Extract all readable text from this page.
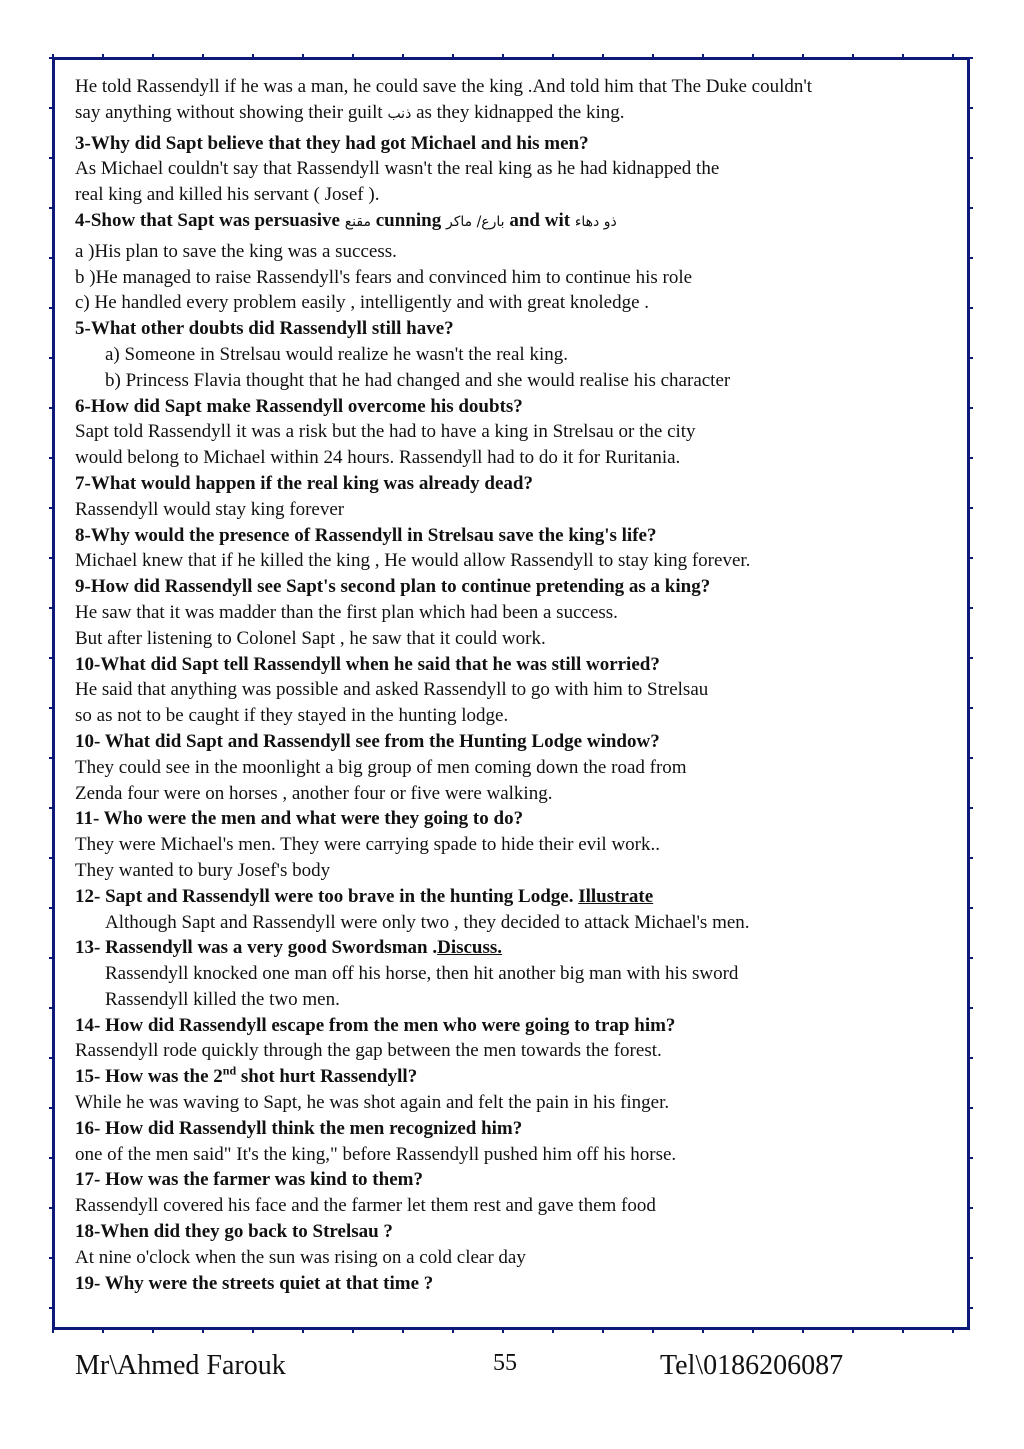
He told Rassendyll if he was a man, he could save the king .And told him that The Duke couldn't

say anything without showing their guilt ذنب as they kidnapped the king.

3-Why did Sapt believe that they had got Michael and his men?

As Michael couldn't say that Rassendyll wasn't the real king as he had kidnapped the

real king and killed his servant ( Josef ).

4-Show that Sapt was persuasive مقنع cunning بارع/ ماكر and wit ذو دهاء

a )His plan to save the king was a success.

b )He managed to raise Rassendyll's fears and convinced him to continue his role

c) He handled every problem easily , intelligently and with great knoledge .

5-What other doubts did Rassendyll still have?

a) Someone in Strelsau would realize he wasn't the real king.

b) Princess Flavia thought that he had changed and she would realise his character

6-How did Sapt make Rassendyll overcome his doubts?

Sapt told Rassendyll it was a risk but the had to have a king in Strelsau or the city

would belong to Michael within 24 hours. Rassendyll had to do it for Ruritania.

7-What would happen if the real king was already dead?

Rassendyll would stay king forever

8-Why would the presence of Rassendyll in Strelsau save the king's life?

Michael knew that if he killed the king , He would allow Rassendyll to stay king forever.

9-How did Rassendyll see Sapt's second plan to continue pretending as a king?

He saw that it was madder than the first plan which had been a success.

But after listening to Colonel Sapt , he saw that it could work.

10-What did Sapt tell Rassendyll when he said that he was still worried?

He said that anything was possible and asked Rassendyll to go with him to Strelsau

so as not to be caught if they stayed in the hunting lodge.

10- What did Sapt and Rassendyll see from the Hunting Lodge window?

They could see in the moonlight a big group of men coming down the road from

Zenda four were on horses , another four or five were walking.

11- Who were the men and what were they going to do?

They were Michael's men. They were carrying spade to hide their evil work..

They wanted to bury Josef's body

12- Sapt and Rassendyll were too brave in the hunting Lodge. Illustrate

Although Sapt and Rassendyll were only two , they decided to attack Michael's men.

13- Rassendyll was a very good Swordsman .Discuss.

Rassendyll knocked one man off his horse, then hit another big man with his sword

Rassendyll killed the two men.

14- How did Rassendyll escape from the men who were going to trap him?

Rassendyll rode quickly through the gap between the men towards the forest.

15- How was the 2nd shot hurt Rassendyll?

While he was waving to Sapt, he was shot again and felt the pain in his finger.

16- How did Rassendyll think the men recognized him?

one of the men said" It's the king," before Rassendyll pushed him off his horse.

17- How was the farmer was kind to them?

Rassendyll covered his face and the farmer let them rest and gave them food

18-When did they go back to Strelsau ?

At nine o'clock when the sun was rising on a cold clear day

19- Why were the streets quiet at that time ?

Mr\Ahmed Farouk	55	Tel\0186206087
